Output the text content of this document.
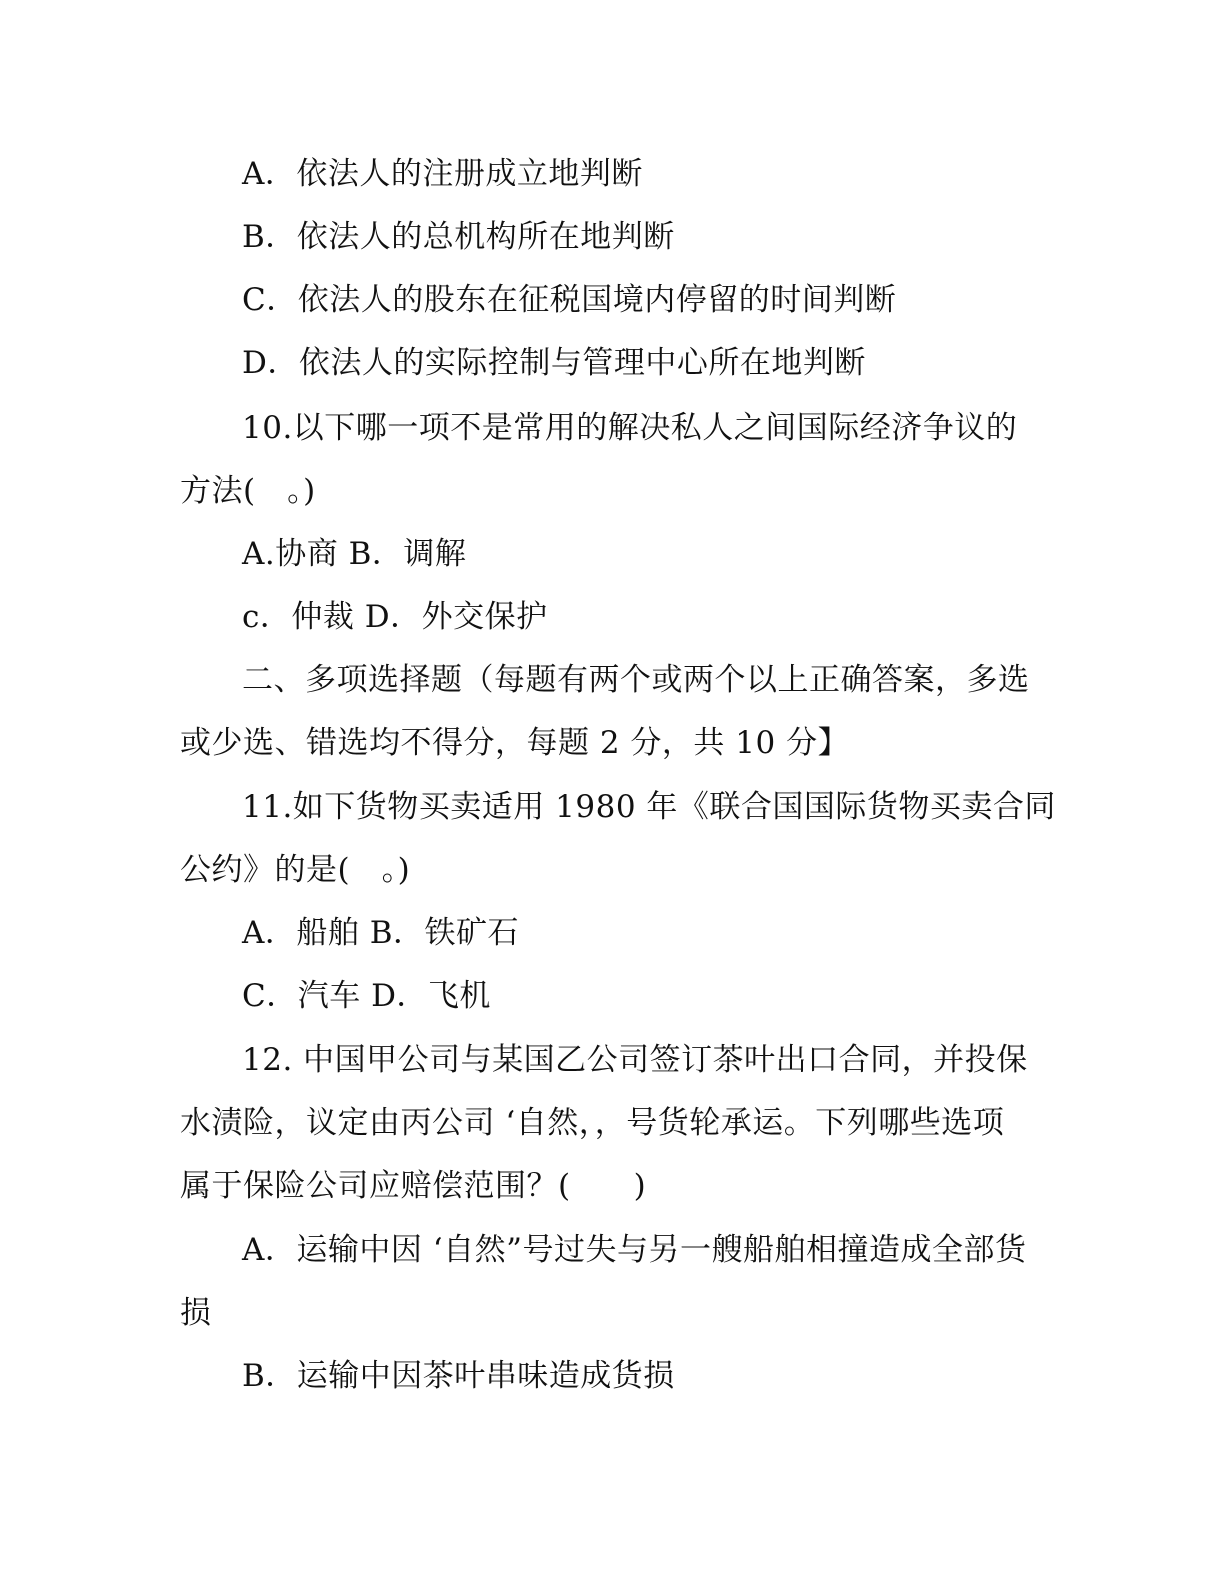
A．依法人的注册成立地判断
B．依法人的总机构所在地判断
C．依法人的股东在征税国境内停留的时间判断
D．依法人的实际控制与管理中心所在地判断
10.以下哪一项不是常用的解决私人之间国际经济争议的
方法(　。)
A.协商 B．调解
c．仲裁 D．外交保护
二、多项选择题（每题有两个或两个以上正确答案，多选
或少选、错选均不得分，每题 2 分，共 10 分】
11.如下货物买卖适用 1980 年《联合国国际货物买卖合同
公约》的是(　。)
A．船舶 B．铁矿石
C．汽车 D．飞机
12. 中国甲公司与某国乙公司签订茶叶出口合同，并投保
水渍险，议定由丙公司 ‘自然，，号货轮承运。下列哪些选项
属于保险公司应赔偿范围？(　　)
A．运输中因 ‘自然”号过失与另一艘船舶相撞造成全部货
损
B．运输中因茶叶串味造成货损
